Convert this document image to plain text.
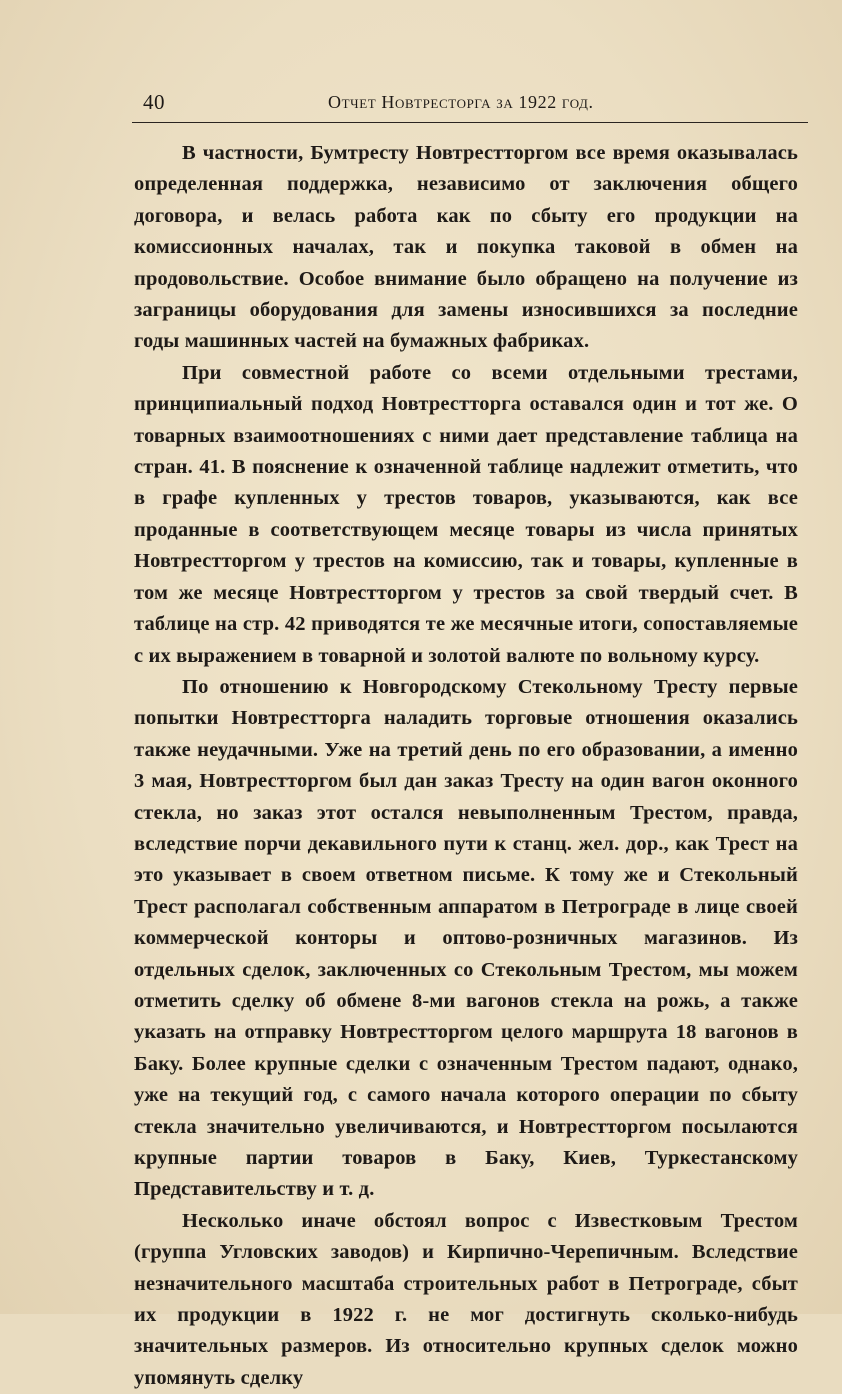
40	Отчет Новтресторга за 1922 год.

В частности, Бумтресту Новтрестторгом все время оказывалась определенная поддержка, независимо от заключения общего договора, и велась работа как по сбыту его продукции на комиссионных началах, так и покупка таковой в обмен на продовольствие. Особое внимание было обращено на получение из заграницы оборудования для замены износившихся за последние годы машинных частей на бумажных фабриках.

При совместной работе со всеми отдельными трестами, принципиальный подход Новтрестторга оставался один и тот же. О товарных взаимоотношениях с ними дает представление таблица на стран. 41. В пояснение к означенной таблице надлежит отметить, что в графе купленных у трестов товаров, указываются, как все проданные в соответствующем месяце товары из числа принятых Новтрестторгом у трестов на комиссию, так и товары, купленные в том же месяце Новтрестторгом у трестов за свой твердый счет. В таблице на стр. 42 приводятся те же месячные итоги, сопоставляемые с их выражением в товарной и золотой валюте по вольному курсу.

По отношению к Новгородскому Стекольному Тресту первые попытки Новтрестторга наладить торговые отношения оказались также неудачными. Уже на третий день по его образовании, а именно 3 мая, Новтрестторгом был дан заказ Тресту на один вагон оконного стекла, но заказ этот остался невыполненным Трестом, правда, вследствие порчи декавильного пути к станц. жел. дор., как Трест на это указывает в своем ответном письме. К тому же и Стекольный Трест располагал собственным аппаратом в Петрограде в лице своей коммерческой конторы и оптово-розничных магазинов. Из отдельных сделок, заключенных со Стекольным Трестом, мы можем отметить сделку об обмене 8-ми вагонов стекла на рожь, а также указать на отправку Новтрестторгом целого маршрута 18 вагонов в Баку. Более крупные сделки с означенным Трестом падают, однако, уже на текущий год, с самого начала которого операции по сбыту стекла значительно увеличиваются, и Новтрестторгом посылаются крупные партии товаров в Баку, Киев, Туркестанскому Представительству и т. д.

Несколько иначе обстоял вопрос с Известковым Трестом (группа Угловских заводов) и Кирпично-Черепичным. Вследствие незначительного масштаба строительных работ в Петрограде, сбыт их продукции в 1922 г. не мог достигнуть сколько-нибудь значительных размеров. Из относительно крупных сделок можно упомянуть сделку
